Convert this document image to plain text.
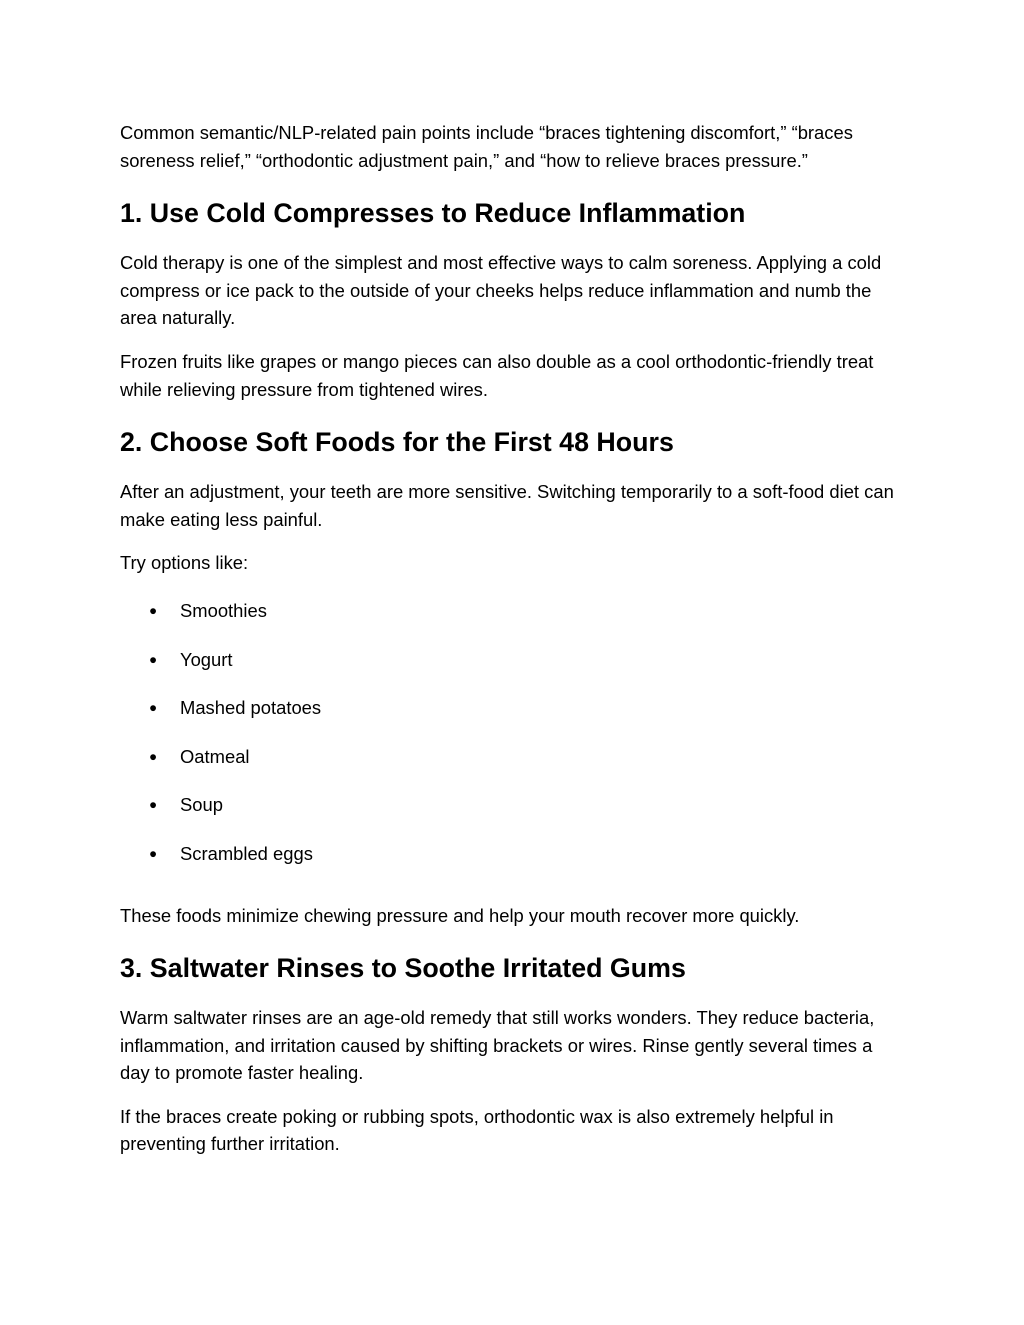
Common semantic/NLP-related pain points include “braces tightening discomfort,” “braces soreness relief,” “orthodontic adjustment pain,” and “how to relieve braces pressure.”

1. Use Cold Compresses to Reduce Inflammation

Cold therapy is one of the simplest and most effective ways to calm soreness. Applying a cold compress or ice pack to the outside of your cheeks helps reduce inflammation and numb the area naturally.

Frozen fruits like grapes or mango pieces can also double as a cool orthodontic-friendly treat while relieving pressure from tightened wires.

2. Choose Soft Foods for the First 48 Hours

After an adjustment, your teeth are more sensitive. Switching temporarily to a soft-food diet can make eating less painful.

Try options like:

● Smoothies
● Yogurt
● Mashed potatoes
● Oatmeal
● Soup
● Scrambled eggs

These foods minimize chewing pressure and help your mouth recover more quickly.

3. Saltwater Rinses to Soothe Irritated Gums

Warm saltwater rinses are an age-old remedy that still works wonders. They reduce bacteria, inflammation, and irritation caused by shifting brackets or wires. Rinse gently several times a day to promote faster healing.

If the braces create poking or rubbing spots, orthodontic wax is also extremely helpful in preventing further irritation.
